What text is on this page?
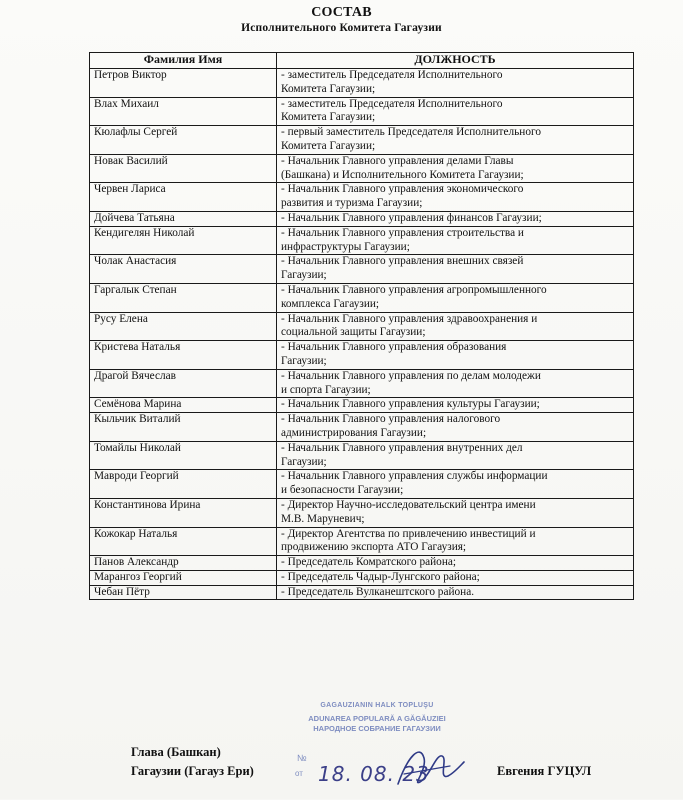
СОСТАВ
Исполнительного Комитета Гагаузии
Фамилия Имя	ДОЛЖНОСТЬ
Петров Виктор	- заместитель Председателя Исполнительного
Комитета Гагаузии;

Влах Михаил	- заместитель Председателя Исполнительного
Комитета Гагаузии;

Кюлафлы Сергей	- первый заместитель Председателя Исполнительного
Комитета Гагаузии;

Новак Василий	- Начальник Главного управления делами Главы
(Башкана) и Исполнительного Комитета Гагаузии;

Червен Лариса	- Начальник Главного управления экономического
развития и туризма Гагаузии;

Дойчева Татьяна	- Начальник Главного управления финансов Гагаузии;

Кендигелян Николай	- Начальник Главного управления строительства и
инфраструктуры Гагаузии;

Чолак Анастасия	- Начальник Главного управления внешних связей
Гагаузии;

Гаргалык Степан	- Начальник Главного управления агропромышленного
комплекса Гагаузии;

Русу Елена	- Начальник Главного управления здравоохранения и
социальной защиты Гагаузии;

Кристева Наталья	- Начальник Главного управления образования
Гагаузии;

Драгой Вячеслав	- Начальник Главного управления по делам молодежи
и спорта Гагаузии;

Семёнова Марина	- Начальник Главного управления культуры Гагаузии;

Кыльчик Виталий	- Начальник Главного управления налогового
администрирования Гагаузии;

Томайлы Николай	- Начальник Главного управления внутренних дел
Гагаузии;

Мавроди Георгий	- Начальник Главного управления службы информации
и безопасности Гагаузии;

Константинова Ирина	- Директор Научно-исследовательский центра имени
М.В. Маруневич;

Кожокар Наталья	- Директор Агентства по привлечению инвестиций и
продвижению экспорта АТО Гагаузия;

Панов Александр	- Председатель Комратского района;

Марангоз Георгий	- Председатель Чадыр-Лунгского района;

Чебан Пётр	- Председатель Вулканештского района.
GAGAUZIANIN HALK TOPLUŞU
ADUNAREA POPULARĂ A GĂGĂUZIEI
НАРОДНОЕ СОБРАНИЕ ГАГАУЗИИ
№
от 18. 08. 23
Глава (Башкан)
Гагаузии (Гагауз Ери)	Евгения ГУЦУЛ
